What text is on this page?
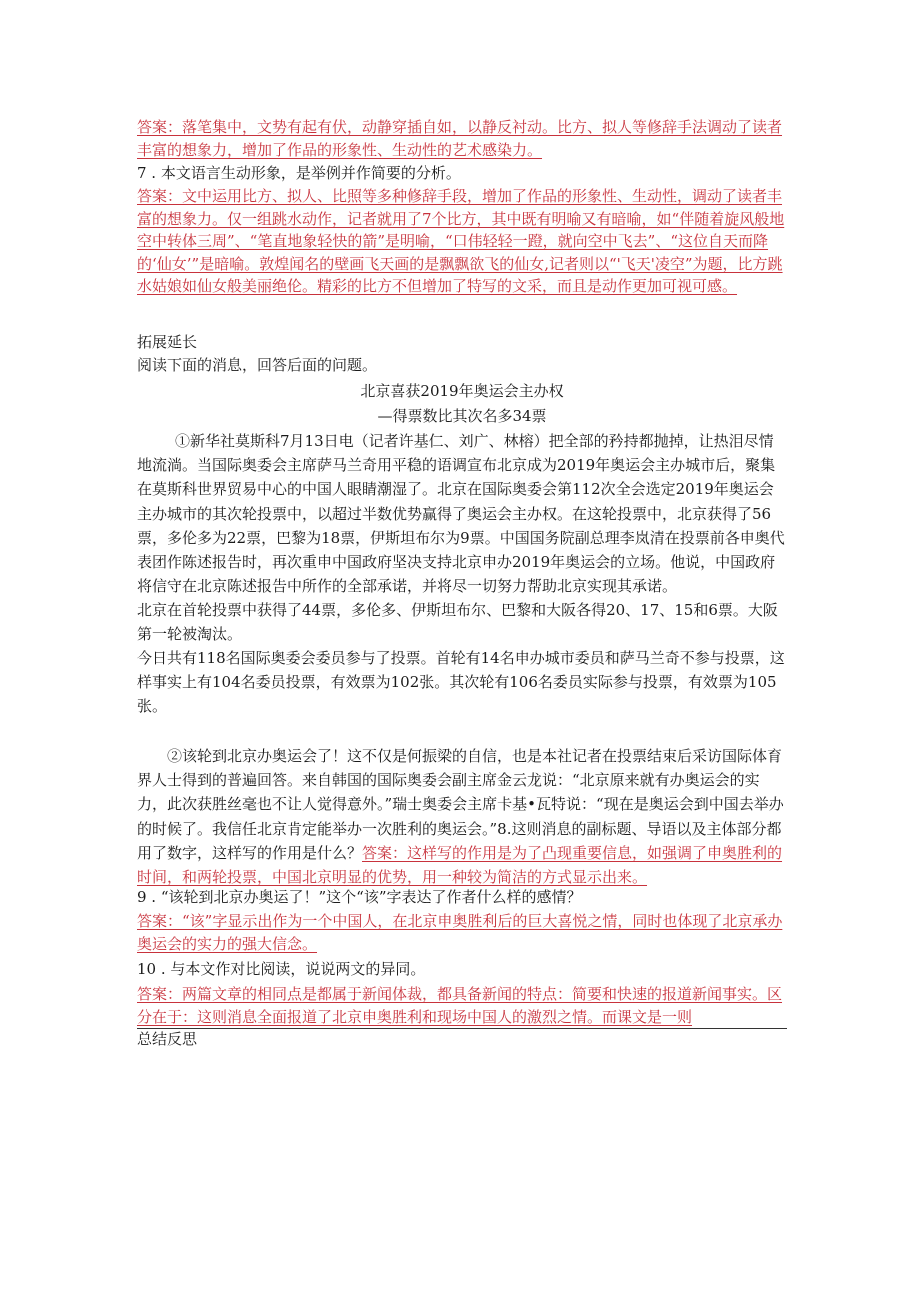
答案：落笔集中，文势有起有伏，动静穿插自如，以静反衬动。比方、拟人等修辞手法调动了读者丰富的想象力，增加了作品的形象性、生动性的艺术感染力。

7 . 本文语言生动形象，是举例并作简要的分析。

答案：文中运用比方、拟人、比照等多种修辞手段，增加了作品的形象性、生动性，调动了读者丰富的想象力。仅一组跳水动作，记者就用了7个比方，其中既有明喻又有暗喻，如“伴随着旋风般地空中转体三周”、“笔直地象轻快的箭”是明喻，“口伟轻轻一蹬，就向空中飞去”、“这位自天而降的‘仙女’”是暗喻。敦煌闻名的壁画飞天画的是飘飘欲飞的仙女,记者则以“'飞天'凌空”为题，比方跳水姑娘如仙女般美丽绝伦。精彩的比方不但增加了特写的文采，而且是动作更加可视可感。

拓展延长

阅读下面的消息，回答后面的问题。

北京喜获2019年奥运会主办权

—得票数比其次名多34票

①新华社莫斯科7月13日电（记者许基仁、刘广、林榕）把全部的矜持都抛掉，让热泪尽情地流淌。当国际奥委会主席萨马兰奇用平稳的语调宣布北京成为2019年奥运会主办城市后，聚集在莫斯科世界贸易中心的中国人眼睛潮湿了。北京在国际奥委会第112次全会选定2019年奥运会主办城市的其次轮投票中，以超过半数优势赢得了奥运会主办权。在这轮投票中，北京获得了56票，多伦多为22票，巴黎为18票，伊斯坦布尔为9票。中国国务院副总理李岚清在投票前各申奥代表团作陈述报告时，再次重申中国政府坚决支持北京申办2019年奥运会的立场。他说，中国政府将信守在北京陈述报告中所作的全部承诺，并将尽一切努力帮助北京实现其承诺。

北京在首轮投票中获得了44票，多伦多、伊斯坦布尔、巴黎和大阪各得20、17、15和6票。大阪第一轮被淘汰。

今日共有118名国际奥委会委员参与了投票。首轮有14名申办城市委员和萨马兰奇不参与投票，这样事实上有104名委员投票，有效票为102张。其次轮有106名委员实际参与投票，有效票为105张。

②该轮到北京办奥运会了！这不仅是何振梁的自信，也是本社记者在投票结束后采访国际体育界人士得到的普遍回答。来自韩国的国际奥委会副主席金云龙说：“北京原来就有办奥运会的实力，此次获胜丝毫也不让人觉得意外。”瑞士奥委会主席卡基•瓦特说：“现在是奥运会到中国去举办的时候了。我信任北京肯定能举办一次胜利的奥运会。”8.这则消息的副标题、导语以及主体部分都用了数字，这样写的作用是什么？答案：这样写的作用是为了凸现重要信息，如强调了申奥胜利的时间，和两轮投票，中国北京明显的优势，用一种较为简洁的方式显示出来。

9 . “该轮到北京办奥运了！”这个“该”字表达了作者什么样的感情？

答案：“该”字显示出作为一个中国人，在北京申奥胜利后的巨大喜悦之情，同时也体现了北京承办奥运会的实力的强大信念。

10 . 与本文作对比阅读，说说两文的异同。

答案：两篇文章的相同点是都属于新闻体裁，都具备新闻的特点：简要和快速的报道新闻事实。区分在于：这则消息全面报道了北京申奥胜利和现场中国人的激烈之情。而课文是一则

总结反思
